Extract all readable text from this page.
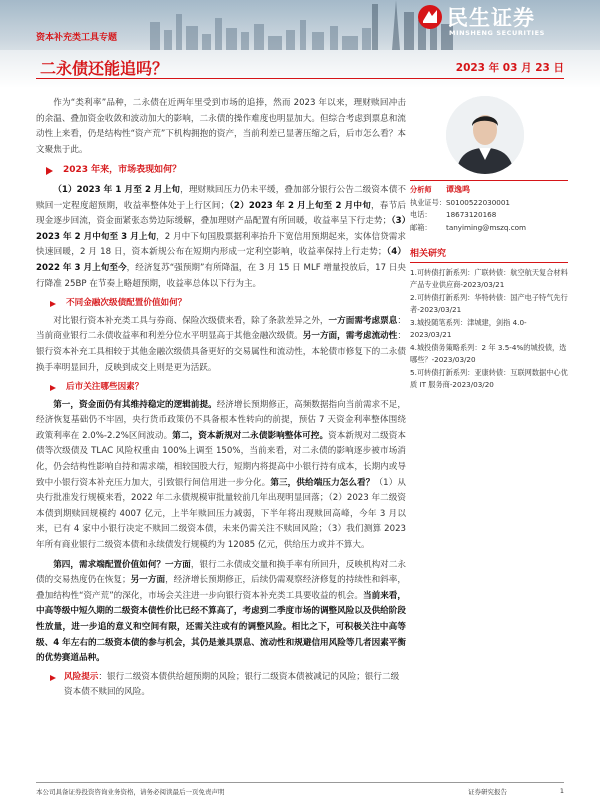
民生证券
MINSHENG SECURITIES
资本补充类工具专题
二永债还能追吗？	2023 年 03 月 23 日

作为“类利率”品种，二永债在近两年里受到市场的追捧，然而 2023 年以来，理财赎回冲击的余温、叠加资金收敛和波动加大的影响，二永债的操作难度也明显加大。但综合考虑到票息和流动性上来看，仍是结构性“资产荒”下机构拥抱的资产，当前利差已显著压缩之后，后市怎么看？本文聚焦于此。

2023 年来，市场表现如何？

（1）2023 年 1 月至 2 月上旬，理财赎回压力仍未平缓，叠加部分银行公告二级资本债不赎回一定程度超预期，收益率整体处于上行区间；（2）2023 年 2 月上旬至 2 月中旬，春节后现金逐步回流，资金面紧张态势边际缓解，叠加理财产品配置有所回暖，收益率呈下行走势；（3）2023 年 2 月中旬至 3 月上旬，2 月中下旬国股票据利率抬升下宽信用预期起来，实体信贷需求快速回暖，2 月 18 日，资本新规公布在短期内形成一定利空影响，收益率保持上行走势；（4）2022 年 3 月上旬至今，经济复苏“强预期”有所降温，在 3 月 15 日 MLF 增量投放后，17 日央行降准 25BP 在节奏上略超预期，收益率总体以下行为主。

不同金融次级债配置价值如何？

对比银行资本补充类工具与券商、保险次级债来看，除了条款差异之外，一方面需考虑票息：当前商业银行二永债收益率和利差分位水平明显高于其他金融次级债。另一方面，需考虑流动性：银行资本补充工具相较于其他金融次级债具备更好的交易属性和流动性，本轮债市修复下的二永债换手率明显回升，反映到成交上则是更为活跃。

后市关注哪些因素？

第一，资金面仍有其维持稳定的逻辑前提。经济增长预期修正，高频数据指向当前需求不足，经济恢复基础仍不牢固，央行货币政策仍不具备根本性转向的前提，预估 7 天资金利率整体围绕政策利率在 2.0%-2.2%区间波动。第二，资本新规对二永债影响整体可控。资本新规对二级资本债等次级债及 TLAC 风险权重由 100%上调至 150%，当前来看，对二永债的影响逐步被市场消化，仍会结构性影响自持和需求端，相较国股大行，短期内将提高中小银行持有成本，长期内或导致中小银行资本补充压力加大，引致银行间信用进一步分化。第三，供给端压力怎么看？（1）从央行批准发行规模来看，2022 年二永债规模审批量较前几年出现明显回落；（2）2023 年二级资本债到期赎回规模约 4007 亿元，上半年赎回压力减弱，下半年将出现赎回高峰，今年 3 月以来，已有 4 家中小银行决定不赎回二级资本债，未来仍需关注不赎回风险；（3）我们测算 2023 年所有商业银行二级资本债和永续债发行规模约为 12085 亿元，供给压力或并不算大。

第四，需求端配置价值如何？一方面，银行二永债成交量和换手率有所回升，反映机构对二永债的交易热度仍在恢复；另一方面，经济增长预期修正，后续仍需观察经济修复的持续性和斜率，叠加结构性“资产荒”的深化，市场会关注进一步向银行资本补充类工具要收益的机会。当前来看，中高等级中短久期的二级资本债性价比已经不算高了，考虑到二季度市场的调整风险以及供给阶段性放量，进一步追的意义和空间有限，还需关注或有的调整风险。相比之下，可积极关注中高等级、4 年左右的二级资本债的参与机会，其仍是兼具票息、流动性和规避信用风险等几者因素平衡的优势赛道品种。

风险提示：银行二级资本债供给超预期的风险；银行二级资本债被减记的风险；银行二级资本债不赎回的风险。
分析师	谭逸鸣
执业证号： S0100522030001
电话：	18673120168
邮箱：	tanyiming@mszq.com
相关研究
1.可转债打新系列：广联转债：航空航天复合材料产品专业供应商-2023/03/21
2.可转债打新系列：华特转债：国产电子特气先行者-2023/03/21
3.城投随笔系列：津城建，剑指 4.0-2023/03/21
4.城投债务策略系列：2 年 3.5-4%的城投债，选哪些？-2023/03/20
5.可转债打新系列：亚康转债：互联网数据中心优质 IT 服务商-2023/03/20
本公司具备证券投资咨询业务资格，请务必阅读最后一页免责声明	证券研究报告	1
